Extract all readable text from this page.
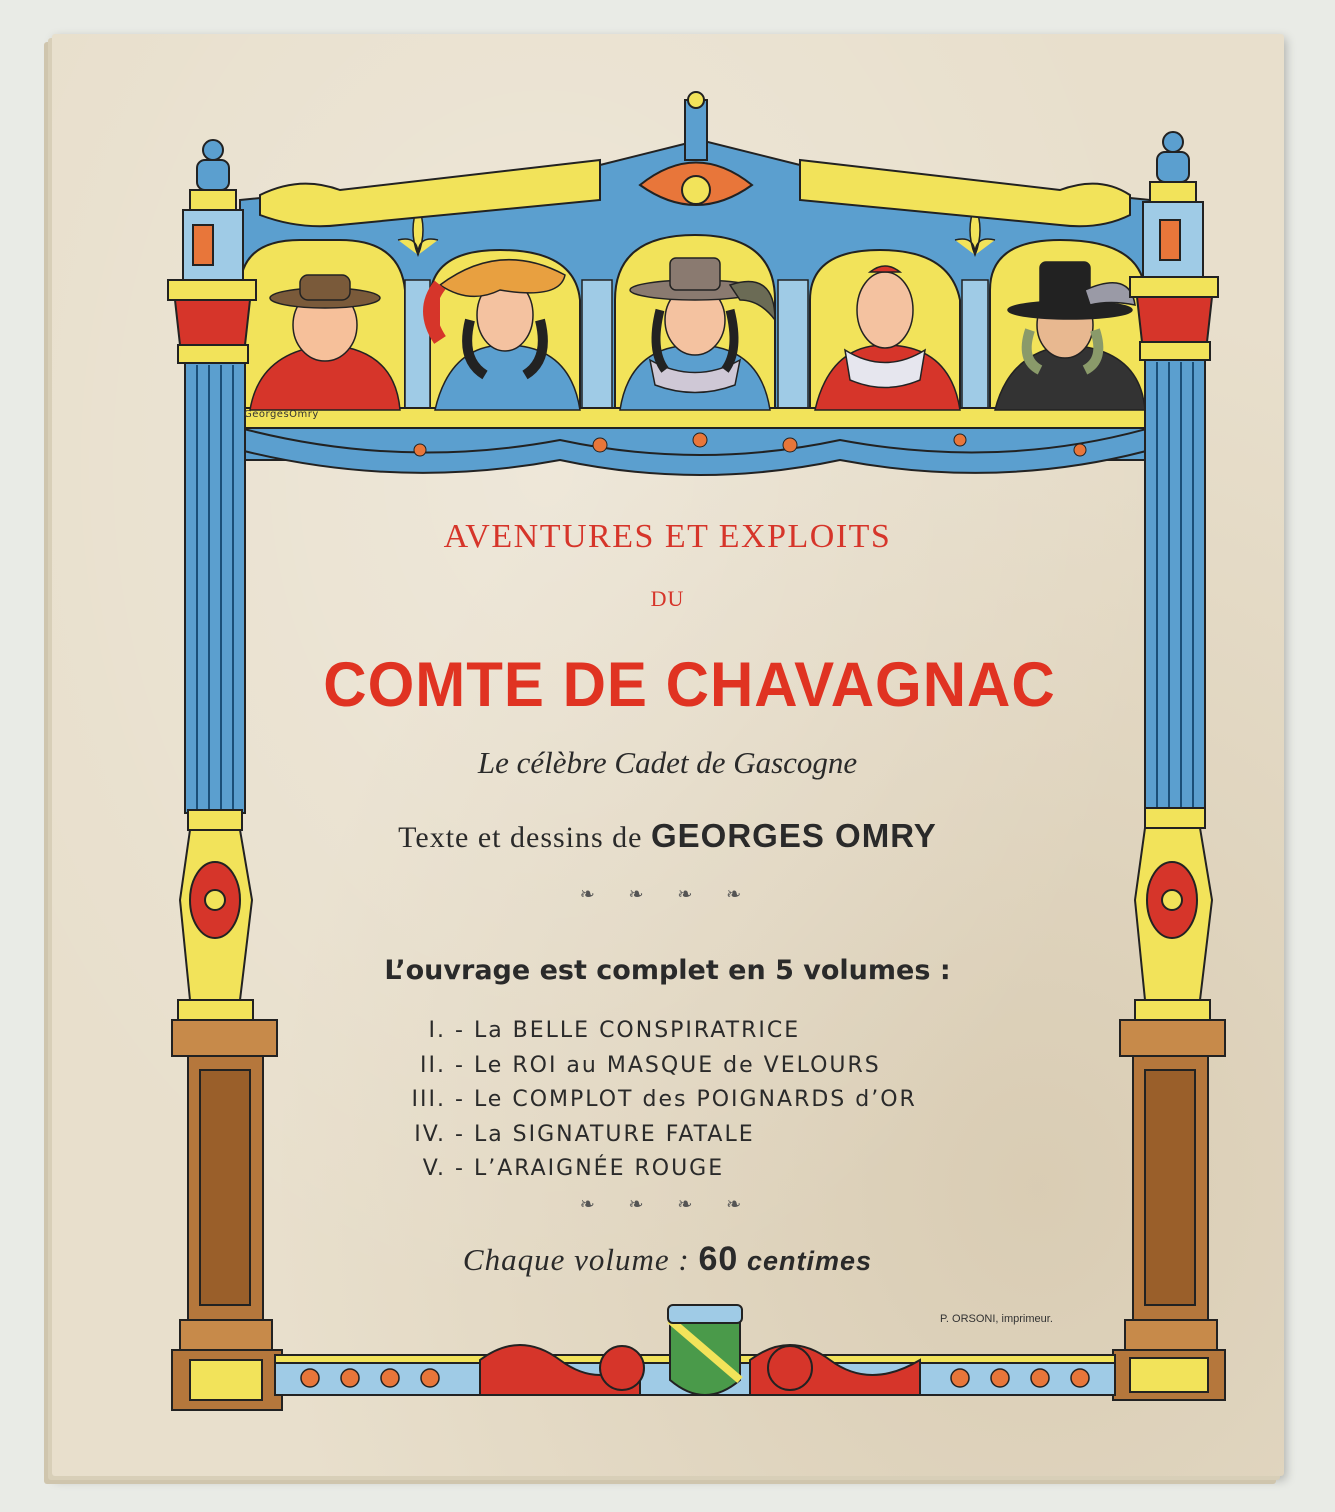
GeorgesOmry
AVENTURES ET EXPLOITS
DU
COMTE DE CHAVAGNAC
Le célèbre Cadet de Gascogne
Texte et dessins de GEORGES OMRY
❧ ❧ ❧ ❧
L’ouvrage est complet en 5 volumes :
I. - La BELLE CONSPIRATRICE
II. - Le ROI au MASQUE de VELOURS
III. - Le COMPLOT des POIGNARDS d’OR
IV. - La SIGNATURE FATALE
V. - L’ARAIGNÉE ROUGE
❧ ❧ ❧ ❧
Chaque volume : 60 centimes
P. ORSONI, imprimeur.
